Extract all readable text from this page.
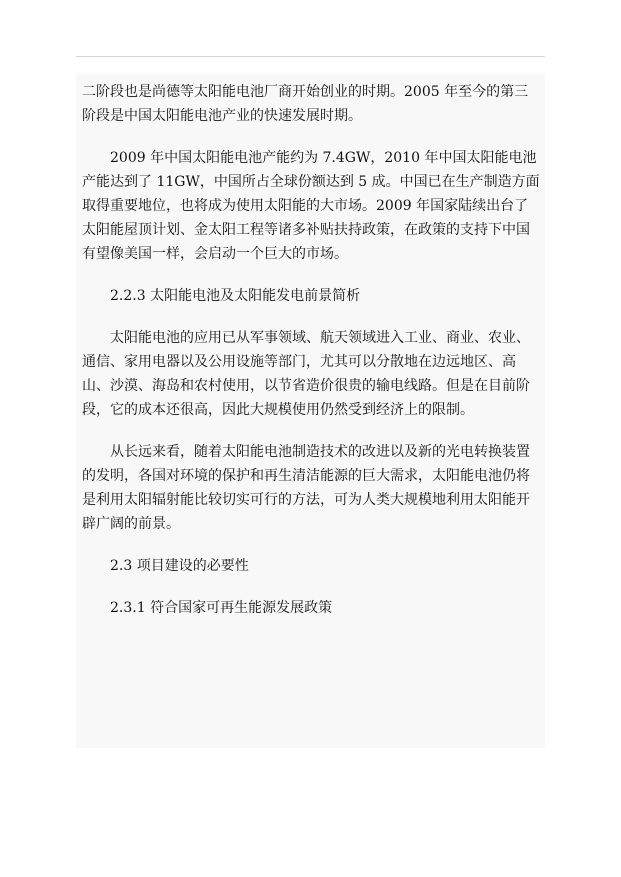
二阶段也是尚德等太阳能电池厂商开始创业的时期。2005 年至今的第三阶段是中国太阳能电池产业的快速发展时期。

2009 年中国太阳能电池产能约为 7.4GW，2010 年中国太阳能电池产能达到了 11GW，中国所占全球份额达到 5 成。中国已在生产制造方面取得重要地位，也将成为使用太阳能的大市场。2009 年国家陆续出台了太阳能屋顶计划、金太阳工程等诸多补贴扶持政策，在政策的支持下中国有望像美国一样，会启动一个巨大的市场。

2.2.3 太阳能电池及太阳能发电前景简析

太阳能电池的应用已从军事领域、航天领域进入工业、商业、农业、通信、家用电器以及公用设施等部门，尤其可以分散地在边远地区、高山、沙漠、海岛和农村使用，以节省造价很贵的输电线路。但是在目前阶段，它的成本还很高，因此大规模使用仍然受到经济上的限制。

从长远来看，随着太阳能电池制造技术的改进以及新的光电转换装置的发明，各国对环境的保护和再生清洁能源的巨大需求，太阳能电池仍将是利用太阳辐射能比较切实可行的方法，可为人类大规模地利用太阳能开辟广阔的前景。

2.3 项目建设的必要性

2.3.1 符合国家可再生能源发展政策
